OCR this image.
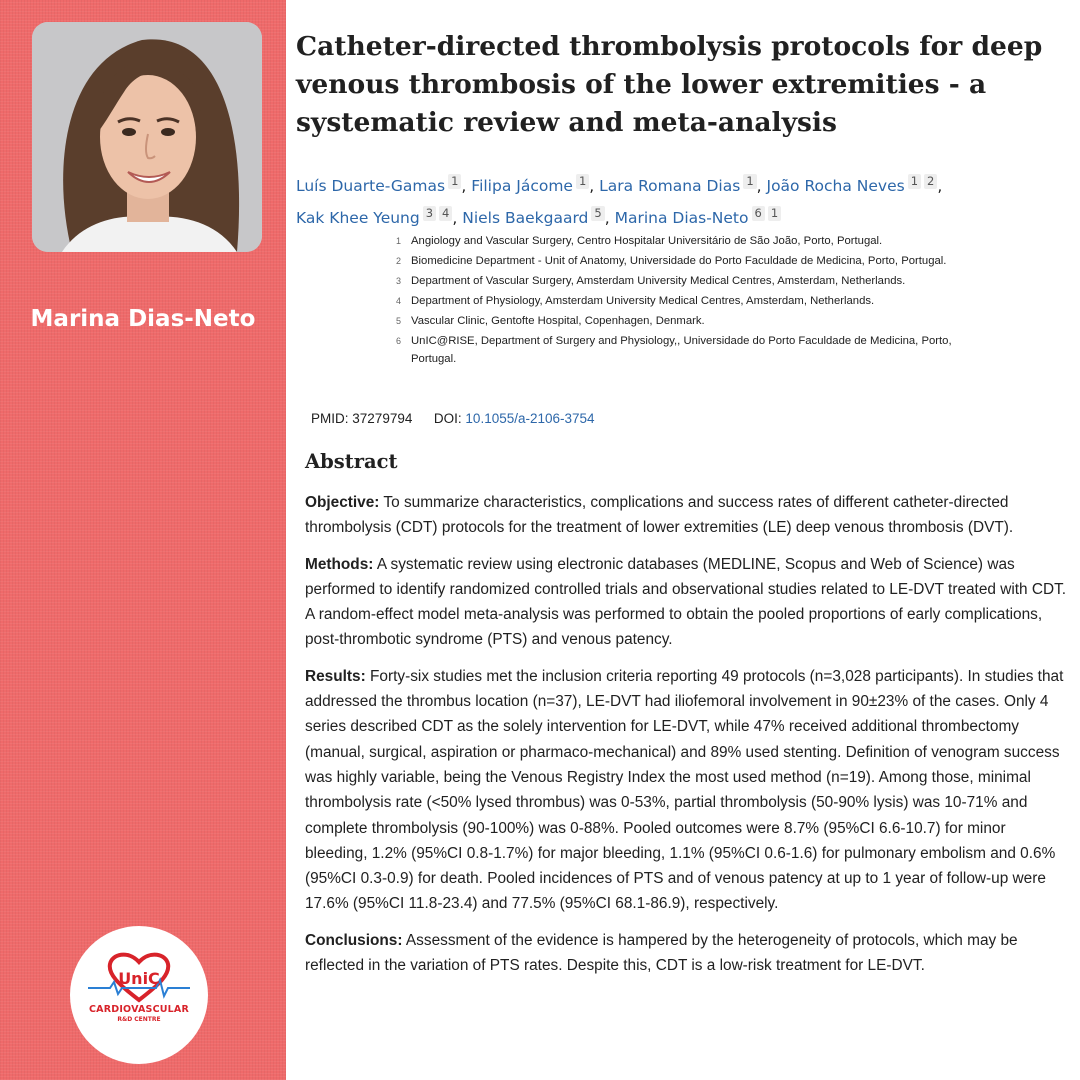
Marina Dias-Neto
UniC
CARDIOVASCULAR
R&D CENTRE
Catheter-directed thrombolysis protocols for deep venous thrombosis of the lower extremities - a systematic review and meta-analysis
Luís Duarte-Gamas 1 , Filipa Jácome 1 , Lara Romana Dias 1 , João Rocha Neves 1 2 ,
Kak Khee Yeung 3 4 , Niels Baekgaard 5 , Marina Dias-Neto 6 1
1 Angiology and Vascular Surgery, Centro Hospitalar Universitário de São João, Porto, Portugal.
2 Biomedicine Department - Unit of Anatomy, Universidade do Porto Faculdade de Medicina, Porto, Portugal.
3 Department of Vascular Surgery, Amsterdam University Medical Centres, Amsterdam, Netherlands.
4 Department of Physiology, Amsterdam University Medical Centres, Amsterdam, Netherlands.
5 Vascular Clinic, Gentofte Hospital, Copenhagen, Denmark.
6 UnIC@RISE, Department of Surgery and Physiology,, Universidade do Porto Faculdade de Medicina, Porto, Portugal.
PMID: 37279794 DOI: 10.1055/a-2106-3754
Abstract

Objective: To summarize characteristics, complications and success rates of different catheter-directed thrombolysis (CDT) protocols for the treatment of lower extremities (LE) deep venous thrombosis (DVT).

Methods: A systematic review using electronic databases (MEDLINE, Scopus and Web of Science) was performed to identify randomized controlled trials and observational studies related to LE-DVT treated with CDT. A random-effect model meta-analysis was performed to obtain the pooled proportions of early complications, post-thrombotic syndrome (PTS) and venous patency.

Results: Forty-six studies met the inclusion criteria reporting 49 protocols (n=3,028 participants). In studies that addressed the thrombus location (n=37), LE-DVT had iliofemoral involvement in 90±23% of the cases. Only 4 series described CDT as the solely intervention for LE-DVT, while 47% received additional thrombectomy (manual, surgical, aspiration or pharmaco-mechanical) and 89% used stenting. Definition of venogram success was highly variable, being the Venous Registry Index the most used method (n=19). Among those, minimal thrombolysis rate (<50% lysed thrombus) was 0-53%, partial thrombolysis (50-90% lysis) was 10-71% and complete thrombolysis (90-100%) was 0-88%. Pooled outcomes were 8.7% (95%CI 6.6-10.7) for minor bleeding, 1.2% (95%CI 0.8-1.7%) for major bleeding, 1.1% (95%CI 0.6-1.6) for pulmonary embolism and 0.6% (95%CI 0.3-0.9) for death. Pooled incidences of PTS and of venous patency at up to 1 year of follow-up were 17.6% (95%CI 11.8-23.4) and 77.5% (95%CI 68.1-86.9), respectively.

Conclusions: Assessment of the evidence is hampered by the heterogeneity of protocols, which may be reflected in the variation of PTS rates. Despite this, CDT is a low-risk treatment for LE-DVT.
